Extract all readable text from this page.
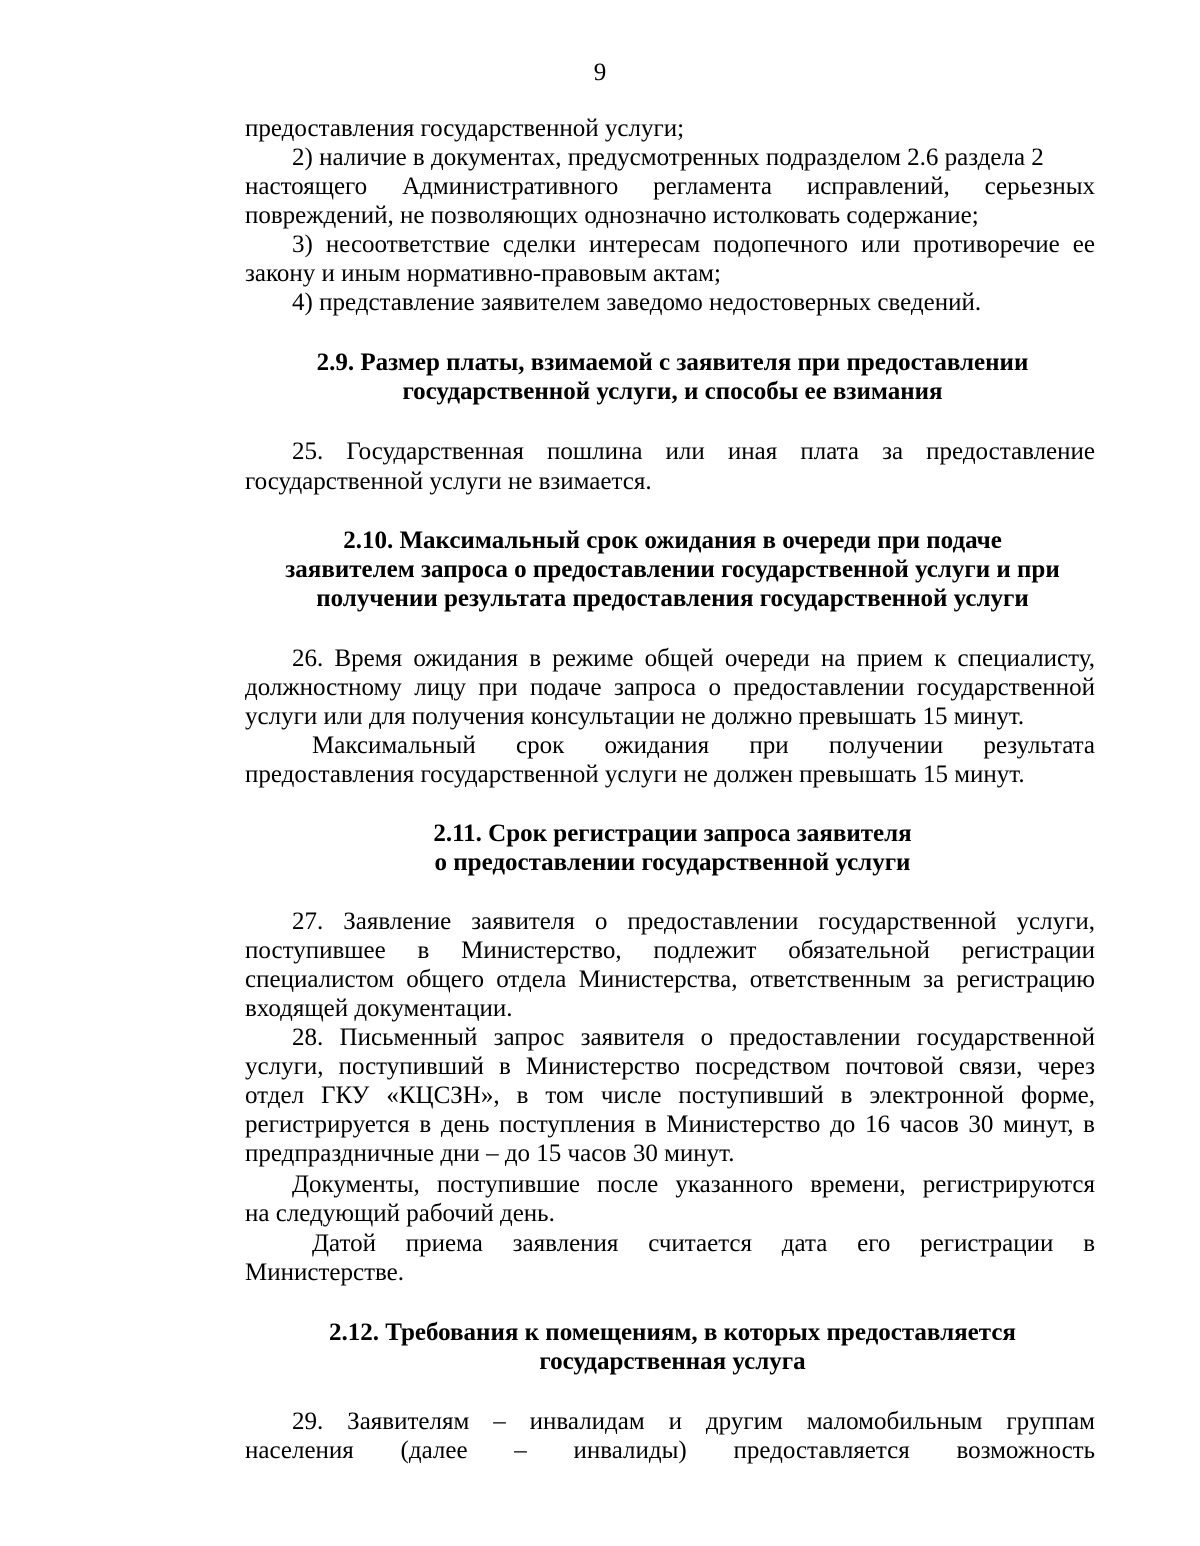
9

предоставления государственной услуги;

2) наличие в документах, предусмотренных подразделом 2.6 раздела 2

настоящего Административного регламента исправлений, серьезных

повреждений, не позволяющих однозначно истолковать содержание;

3) несоответствие сделки интересам подопечного или противоречие ее

закону и иным нормативно-правовым актам;

4) представление заявителем заведомо недостоверных сведений.

2.9. Размер платы, взимаемой с заявителя при предоставлении
государственной услуги, и способы ее взимания

25. Государственная пошлина или иная плата за предоставление

государственной услуги не взимается.

2.10. Максимальный срок ожидания в очереди при подаче
заявителем запроса о предоставлении государственной услуги и при
получении результата предоставления государственной услуги

26. Время ожидания в режиме общей очереди на прием к специалисту,

должностному лицу при подаче запроса о предоставлении государственной

услуги или для получения консультации не должно превышать 15 минут.

Максимальный срок ожидания при получении результата

предоставления государственной услуги не должен превышать 15 минут.

2.11. Срок регистрации запроса заявителя
о предоставлении государственной услуги

27. Заявление заявителя о предоставлении государственной услуги,

поступившее в Министерство, подлежит обязательной регистрации

специалистом общего отдела Министерства, ответственным за регистрацию

входящей документации.

28. Письменный запрос заявителя о предоставлении государственной

услуги, поступивший в Министерство посредством почтовой связи, через

отдел ГКУ «КЦСЗН», в том числе поступивший в электронной форме,

регистрируется в день поступления в Министерство до 16 часов 30 минут, в

предпраздничные дни – до 15 часов 30 минут.

Документы, поступившие после указанного времени, регистрируются

на следующий рабочий день.

Датой приема заявления считается дата его регистрации в

Министерстве.

2.12. Требования к помещениям, в которых предоставляется
государственная услуга

29. Заявителям – инвалидам и другим маломобильным группам

населения (далее – инвалиды) предоставляется возможность
